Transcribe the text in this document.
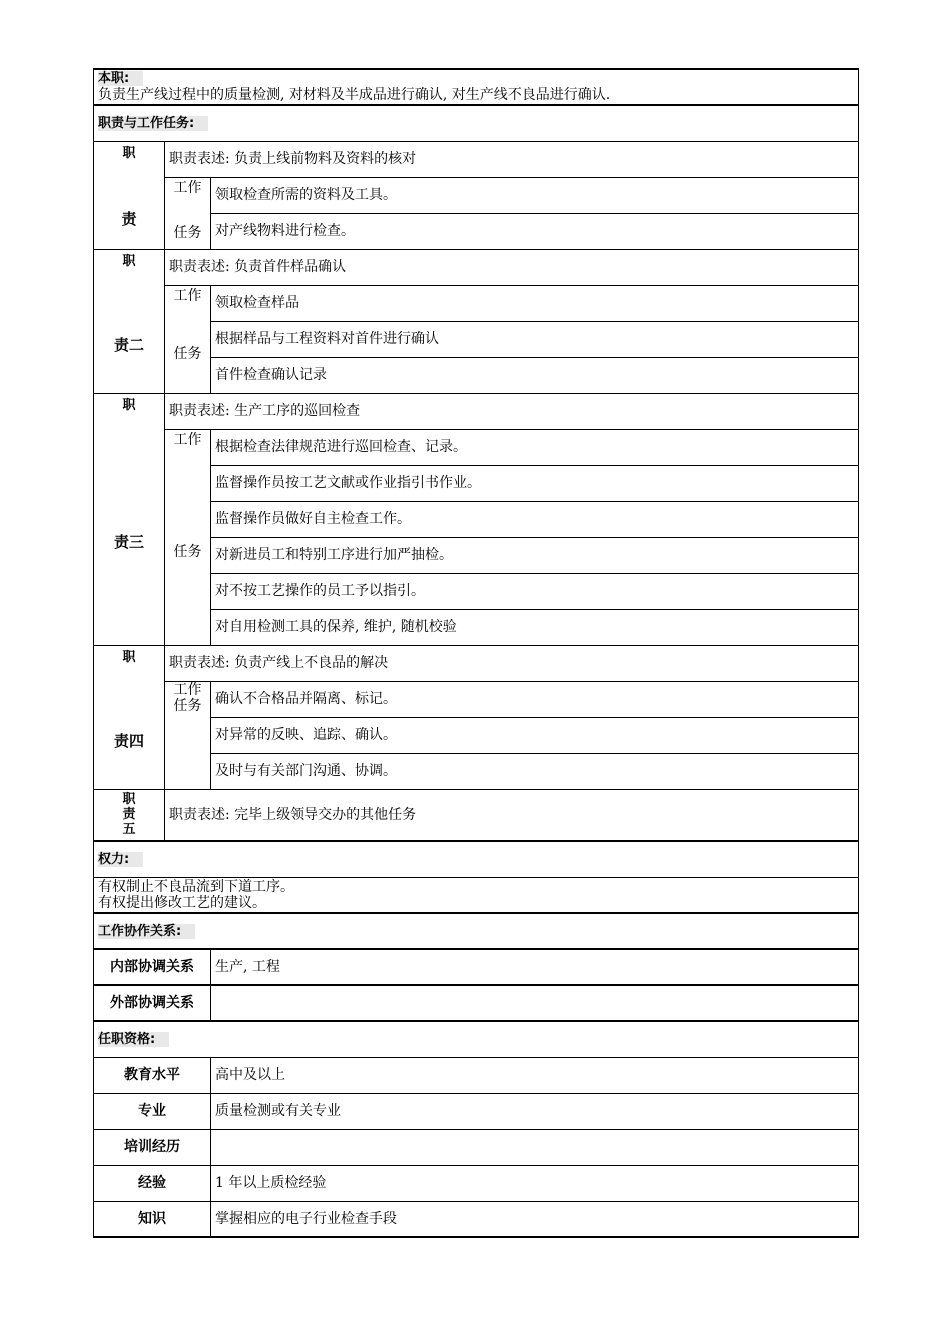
本职:
负责生产线过程中的质量检测, 对材料及半成品进行确认, 对生产线不良品进行确认.		

职责与工作任务:		

职
责	职责表述: 负责上线前物料及资料的核对	

	工作
任务	领取检查所需的资料及工具。
		对产线物料进行检查。

职
责二	职责表述: 负责首件样品确认	

	工作
任务	领取检查样品
		根据样品与工程资料对首件进行确认
		首件检查确认记录

职
责三	职责表述: 生产工序的巡回检查	

	工作
任务	根据检查法律规范进行巡回检查、记录。
		监督操作员按工艺文献或作业指引书作业。
		监督操作员做好自主检查工作。
		对新进员工和特别工序进行加严抽检。
		对不按工艺操作的员工予以指引。
		对自用检测工具的保养, 维护, 随机校验

职
责四	职责表述: 负责产线上不良品的解决	

	工作
任务	确认不合格品并隔离、标记。
		对异常的反映、追踪、确认。
		及时与有关部门沟通、协调。

职
责
五	职责表述: 完毕上级领导交办的其他任务	
权力:		

有权制止不良品流到下道工序。
有权提出修改工艺的建议。		

工作协作关系:		
内部协调关系		生产, 工程
外部协调关系		
任职资格:		
教育水平		高中及以上
专业		质量检测或有关专业
培训经历		
经验		1 年以上质检经验
知识		掌握相应的电子行业检查手段
